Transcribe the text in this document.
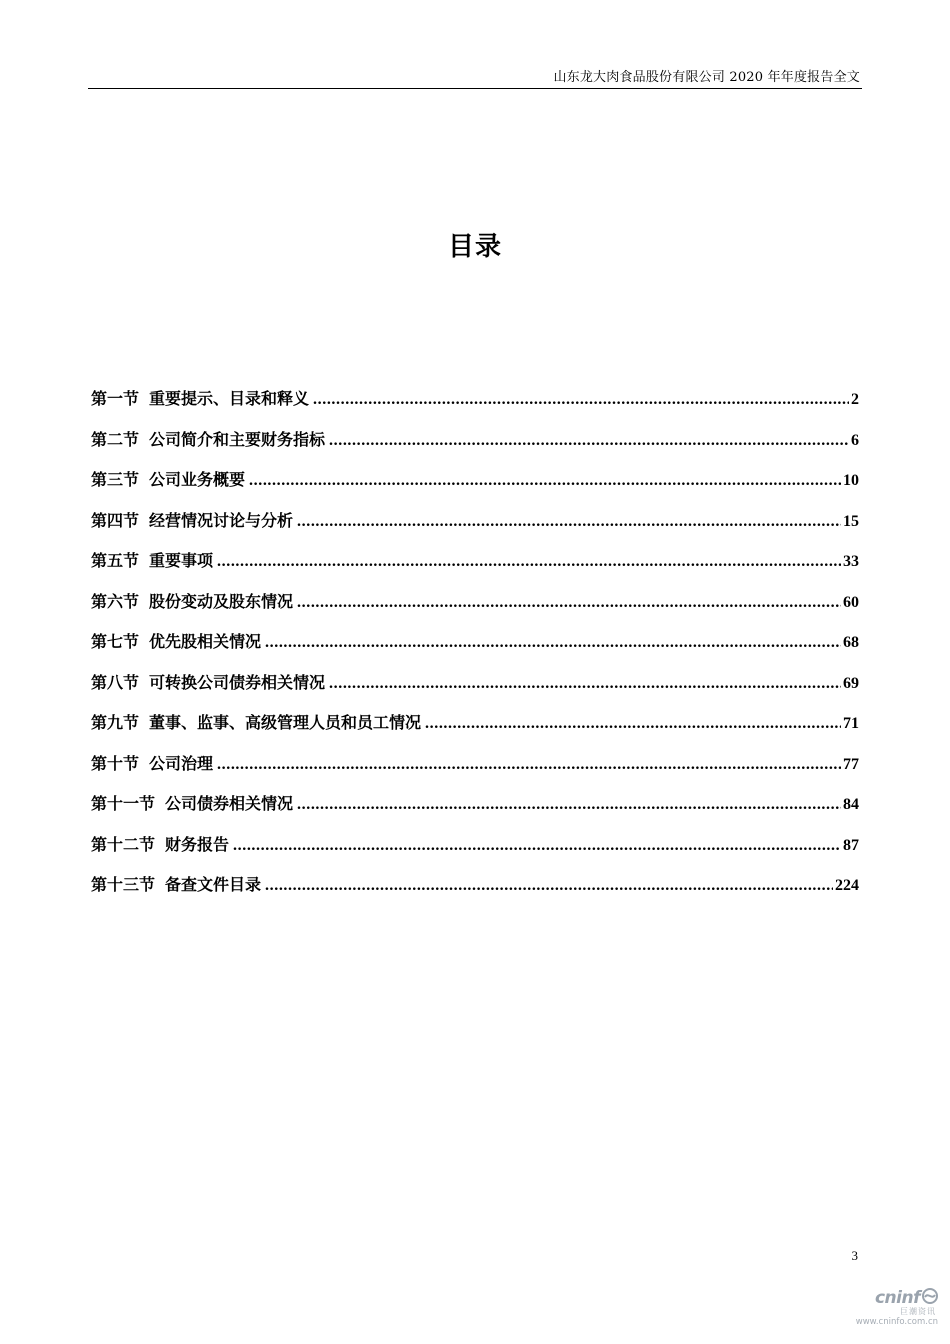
山东龙大肉食品股份有限公司 2020 年年度报告全文
目录
第一节 重要提示、目录和释义 .....	2
第二节 公司简介和主要财务指标 .....	6
第三节 公司业务概要 .....	10
第四节 经营情况讨论与分析 .....	15
第五节 重要事项 .....	33
第六节 股份变动及股东情况 .....	60
第七节 优先股相关情况 .....	68
第八节 可转换公司债券相关情况 .....	69
第九节 董事、监事、高级管理人员和员工情况 .....	71
第十节 公司治理 .....	77
第十一节 公司债券相关情况 .....	84
第十二节 财务报告 .....	87
第十三节 备查文件目录 .....	224
3
cninf
巨潮资讯
www.cninfo.com.cn
